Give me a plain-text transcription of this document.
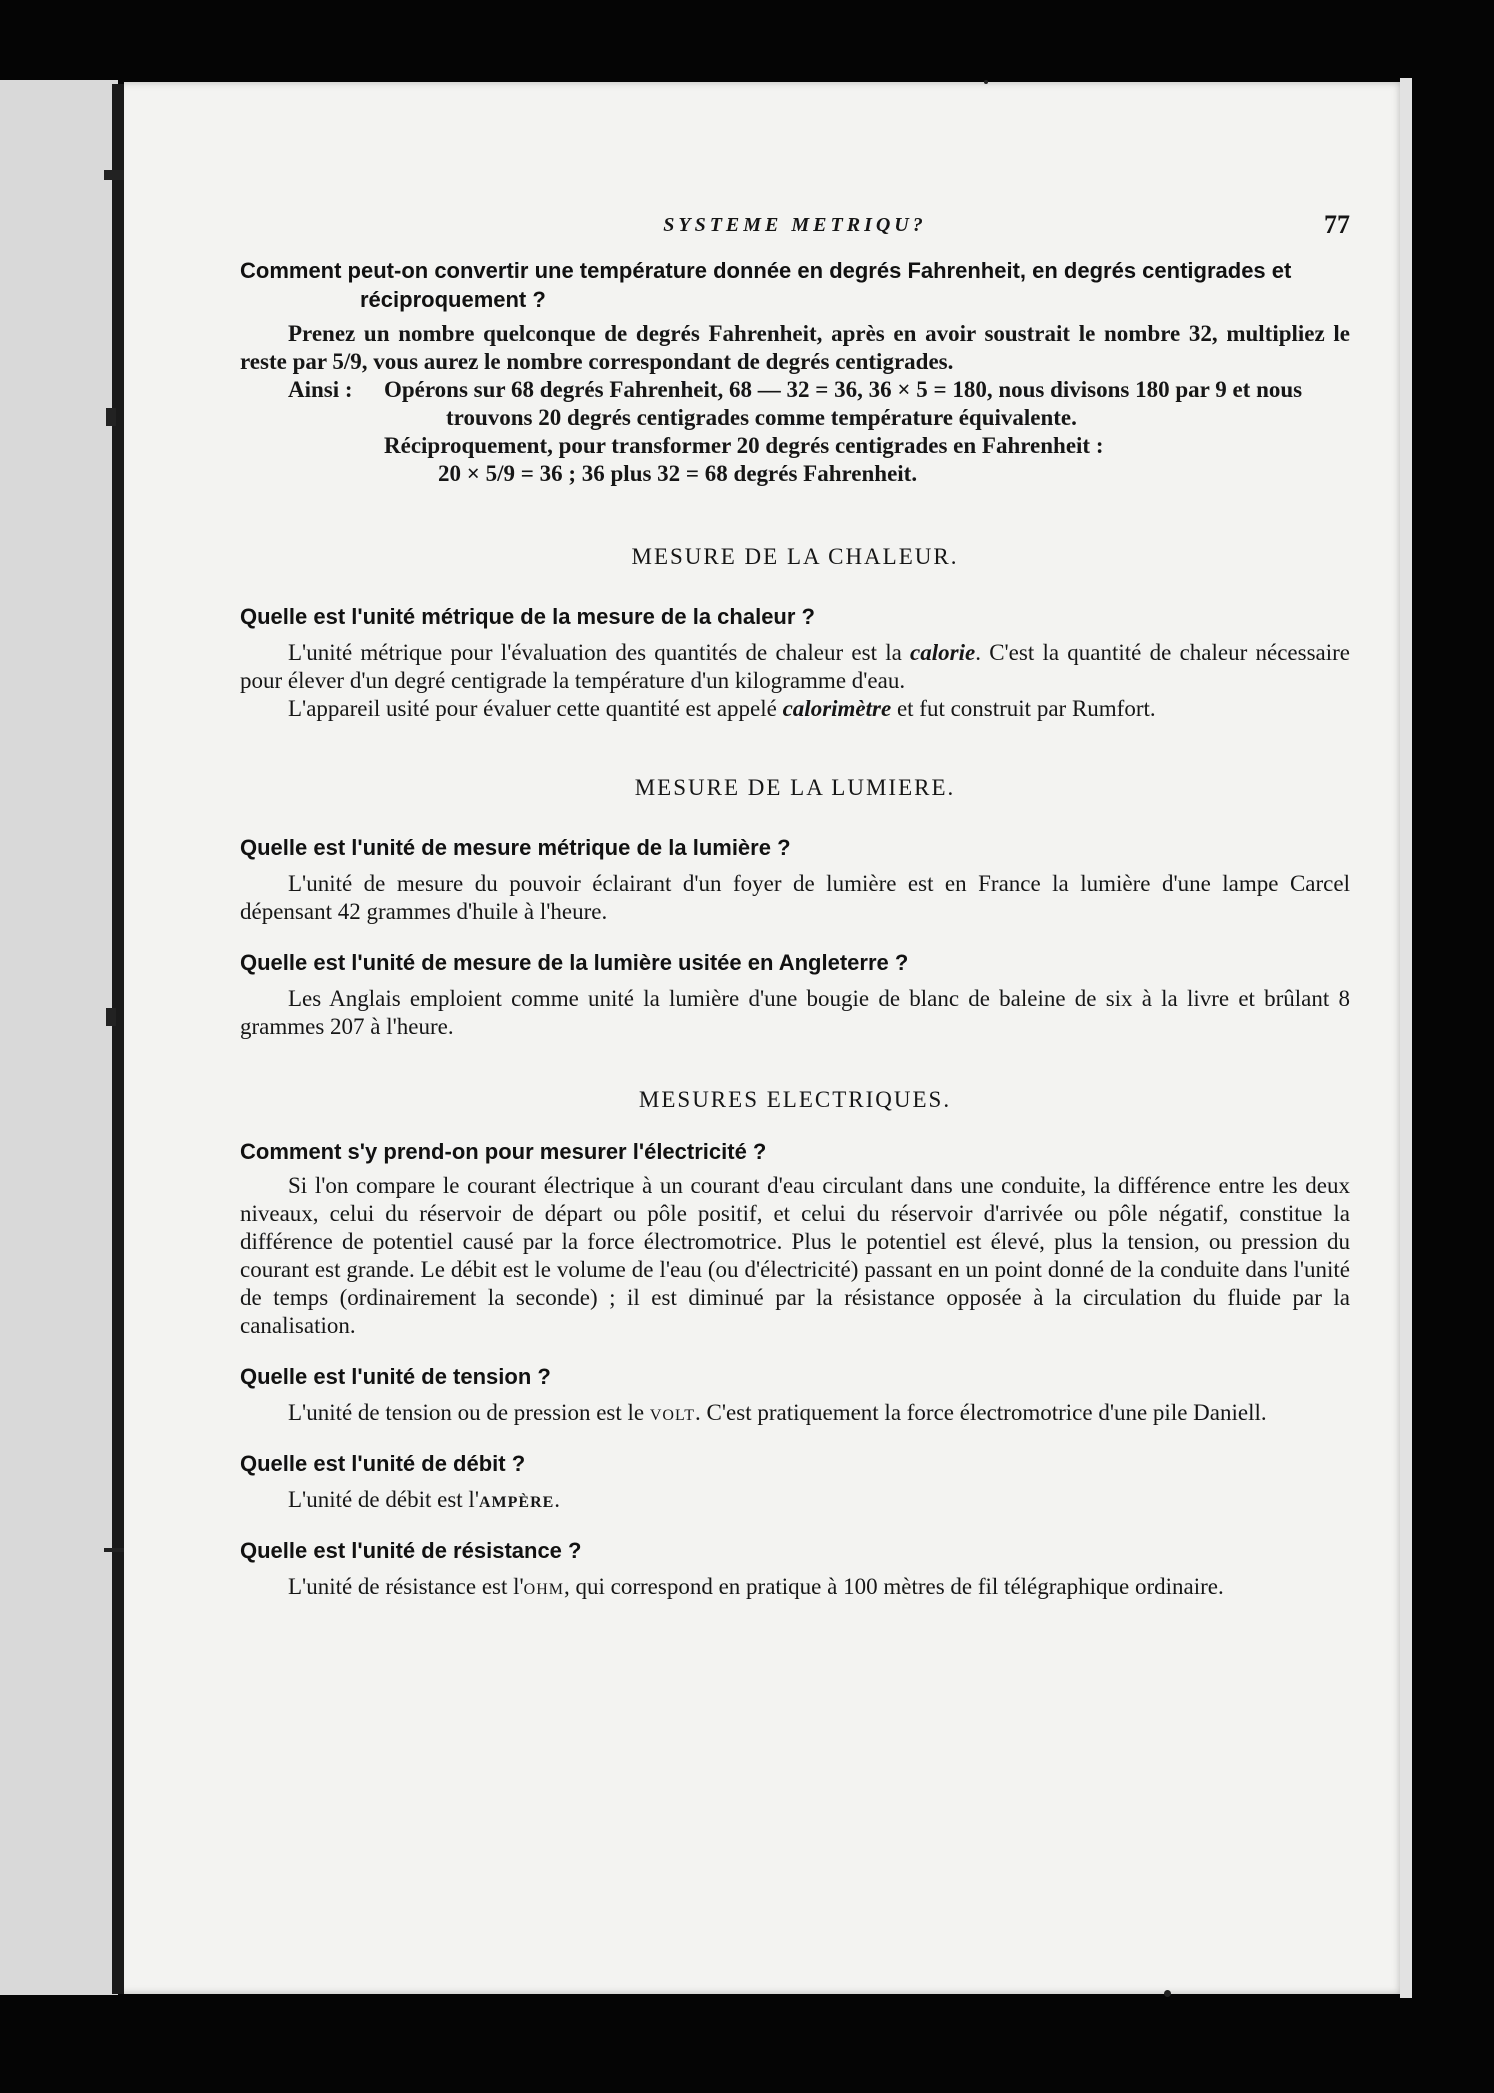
SYSTEME METRIQU?	77
Comment peut-on convertir une température donnée en degrés Fahrenheit, en degrés centigrades et réciproquement ?

Prenez un nombre quelconque de degrés Fahrenheit, après en avoir soustrait le nombre 32, multipliez le reste par 5/9, vous aurez le nombre correspondant de degrés centigrades.

Ainsi :	Opérons sur 68 degrés Fahrenheit, 68 — 32 = 36, 36 × 5 = 180, nous divisons 180 par 9 et nous trouvons 20 degrés centigrades comme température équivalente.
Réciproquement, pour transformer 20 degrés centigrades en Fahrenheit :
20 × 5/9 = 36 ; 36 plus 32 = 68 degrés Fahrenheit.
MESURE DE LA CHALEUR.
Quelle est l'unité métrique de la mesure de la chaleur ?

L'unité métrique pour l'évaluation des quantités de chaleur est la calorie. C'est la quantité de chaleur nécessaire pour élever d'un degré centigrade la température d'un kilogramme d'eau.

L'appareil usité pour évaluer cette quantité est appelé calorimètre et fut construit par Rumfort.

MESURE DE LA LUMIERE.
Quelle est l'unité de mesure métrique de la lumière ?

L'unité de mesure du pouvoir éclairant d'un foyer de lumière est en France la lumière d'une lampe Carcel dépensant 42 grammes d'huile à l'heure.

Quelle est l'unité de mesure de la lumière usitée en Angleterre ?

Les Anglais emploient comme unité la lumière d'une bougie de blanc de baleine de six à la livre et brûlant 8 grammes 207 à l'heure.

MESURES ELECTRIQUES.
Comment s'y prend-on pour mesurer l'électricité ?

Si l'on compare le courant électrique à un courant d'eau circulant dans une conduite, la différence entre les deux niveaux, celui du réservoir de départ ou pôle positif, et celui du réservoir d'arrivée ou pôle négatif, constitue la différence de potentiel causé par la force électromotrice. Plus le potentiel est élevé, plus la tension, ou pression du courant est grande. Le débit est le volume de l'eau (ou d'électricité) passant en un point donné de la conduite dans l'unité de temps (ordinairement la seconde) ; il est diminué par la résistance opposée à la circulation du fluide par la canalisation.

Quelle est l'unité de tension ?

L'unité de tension ou de pression est le volt. C'est pratiquement la force électromotrice d'une pile Daniell.

Quelle est l'unité de débit ?

L'unité de débit est l'ampère.

Quelle est l'unité de résistance ?

L'unité de résistance est l'ohm, qui correspond en pratique à 100 mètres de fil télégraphique ordinaire.
